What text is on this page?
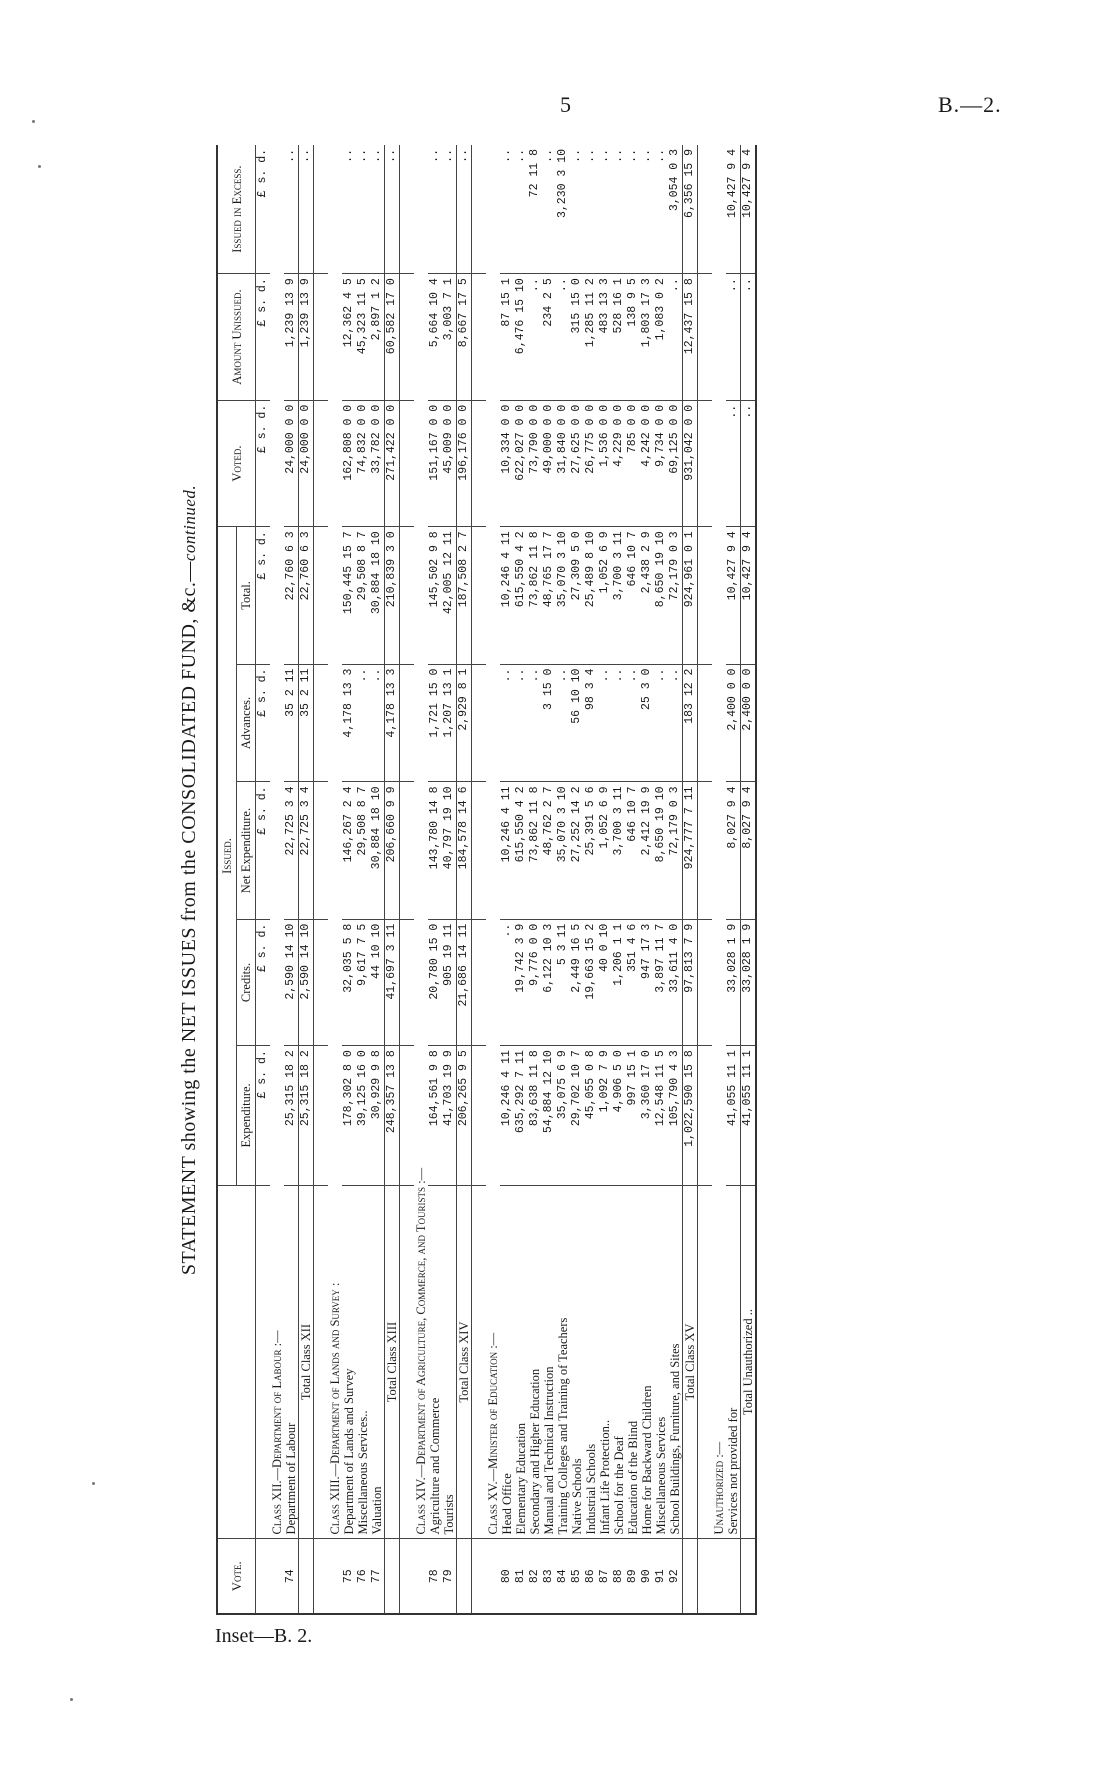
5	B.—2.
Inset—B. 2.
STATEMENT showing the NET ISSUES from the CONSOLIDATED FUND, &c.—continued.
Vote.		Issued.					Voted.	Amount Unissued.	Issued in Excess.
		Expenditure.	Credits.	Net Expenditure.	Advances.	Total.			
		£ s. d.	£ s. d.	£ s. d.	£ s. d.	£ s. d.	£ s. d.	£ s. d.	£ s. d.
	Class XII.—Department of Labour :—								
74	Department of Labour	25,315 18 2	2,590 14 10	22,725 3 4	35 2 11	22,760 6 3	24,000 0 0	1,239 13 9	..
	Total Class XII	25,315 18 2	2,590 14 10	22,725 3 4	35 2 11	22,760 6 3	24,000 0 0	1,239 13 9	..

	Class XIII.—Department of Lands and Survey :								
75	Department of Lands and Survey	178,302 8 0	32,035 5 8	146,267 2 4	4,178 13 3	150,445 15 7	162,808 0 0	12,362 4 5	..
76	Miscellaneous Services..	39,125 16 0	9,617 7 5	29,508 8 7	..	29,508 8 7	74,832 0 0	45,323 11 5	..
77	Valuation	30,929 9 8	44 10 10	30,884 18 10	..	30,884 18 10	33,782 0 0	2,897 1 2	..
	Total Class XIII	248,357 13 8	41,697 3 11	206,660 9 9	4,178 13 3	210,839 3 0	271,422 0 0	60,582 17 0	..

	Class XIV.—Department of Agriculture, Commerce, and Tourists :—								
78	Agriculture and Commerce	164,561 9 8	20,780 15 0	143,780 14 8	1,721 15 0	145,502 9 8	151,167 0 0	5,664 10 4	..
79	Tourists	41,703 19 9	905 19 11	40,797 19 10	1,207 13 1	42,005 12 11	45,009 0 0	3,003 7 1	..
	Total Class XIV	206,265 9 5	21,686 14 11	184,578 14 6	2,929 8 1	187,508 2 7	196,176 0 0	8,667 17 5	..

	Class XV.—Minister of Education :—								
80	Head Office	10,246 4 11	..	10,246 4 11	..	10,246 4 11	10,334 0 0	87 15 1	..
81	Elementary Education	635,292 7 11	19,742 3 9	615,550 4 2	..	615,550 4 2	622,027 0 0	6,476 15 10	..
82	Secondary and Higher Education	83,638 11 8	9,776 0 0	73,862 11 8	..	73,862 11 8	73,790 0 0	..	72 11 8
83	Manual and Technical Instruction	54,884 12 10	6,122 10 3	48,762 2 7	3 15 0	48,765 17 7	49,000 0 0	234 2 5	..
84	Training Colleges and Training of Teachers	35,075 6 9	5 3 11	35,070 3 10	..	35,070 3 10	31,840 0 0	..	3,230 3 10
85	Native Schools	29,702 10 7	2,449 16 5	27,252 14 2	56 10 10	27,309 5 0	27,625 0 0	315 15 0	..
86	Industrial Schools	45,055 0 8	19,663 15 2	25,391 5 6	98 3 4	25,489 8 10	26,775 0 0	1,285 11 2	..
87	Infant Life Protection..	1,092 7 9	40 0 10	1,052 6 9	..	1,052 6 9	1,536 0 0	483 13 3	..
88	School for the Deaf	4,906 5 0	1,206 1 1	3,700 3 11	..	3,700 3 11	4,229 0 0	528 16 1	..
89	Education of the Blind	997 15 1	351 4 6	646 10 7	..	646 10 7	785 0 0	138 9 5	..
90	Home for Backward Children	3,360 17 0	947 17 3	2,412 19 9	25 3 0	2,438 2 9	4,242 0 0	1,803 17 3	..
91	Miscellaneous Services	12,548 11 5	3,897 11 7	8,650 19 10	..	8,650 19 10	9,734 0 0	1,083 0 2	..
92	School Buildings, Furniture, and Sites	105,790 4 3	33,611 4 0	72,179 0 3	..	72,179 0 3	69,125 0 0	..	3,054 0 3
	Total Class XV	1,022,590 15 8	97,813 7 9	924,777 7 11	183 12 2	924,961 0 1	931,042 0 0	12,437 15 8	6,356 15 9

	Unauthorized :—								
	Services not provided for	41,055 11 1	33,028 1 9	8,027 9 4	2,400 0 0	10,427 9 4	..	..	10,427 9 4
	Total Unauthorized ..	41,055 11 1	33,028 1 9	8,027 9 4	2,400 0 0	10,427 9 4	..	..	10,427 9 4
